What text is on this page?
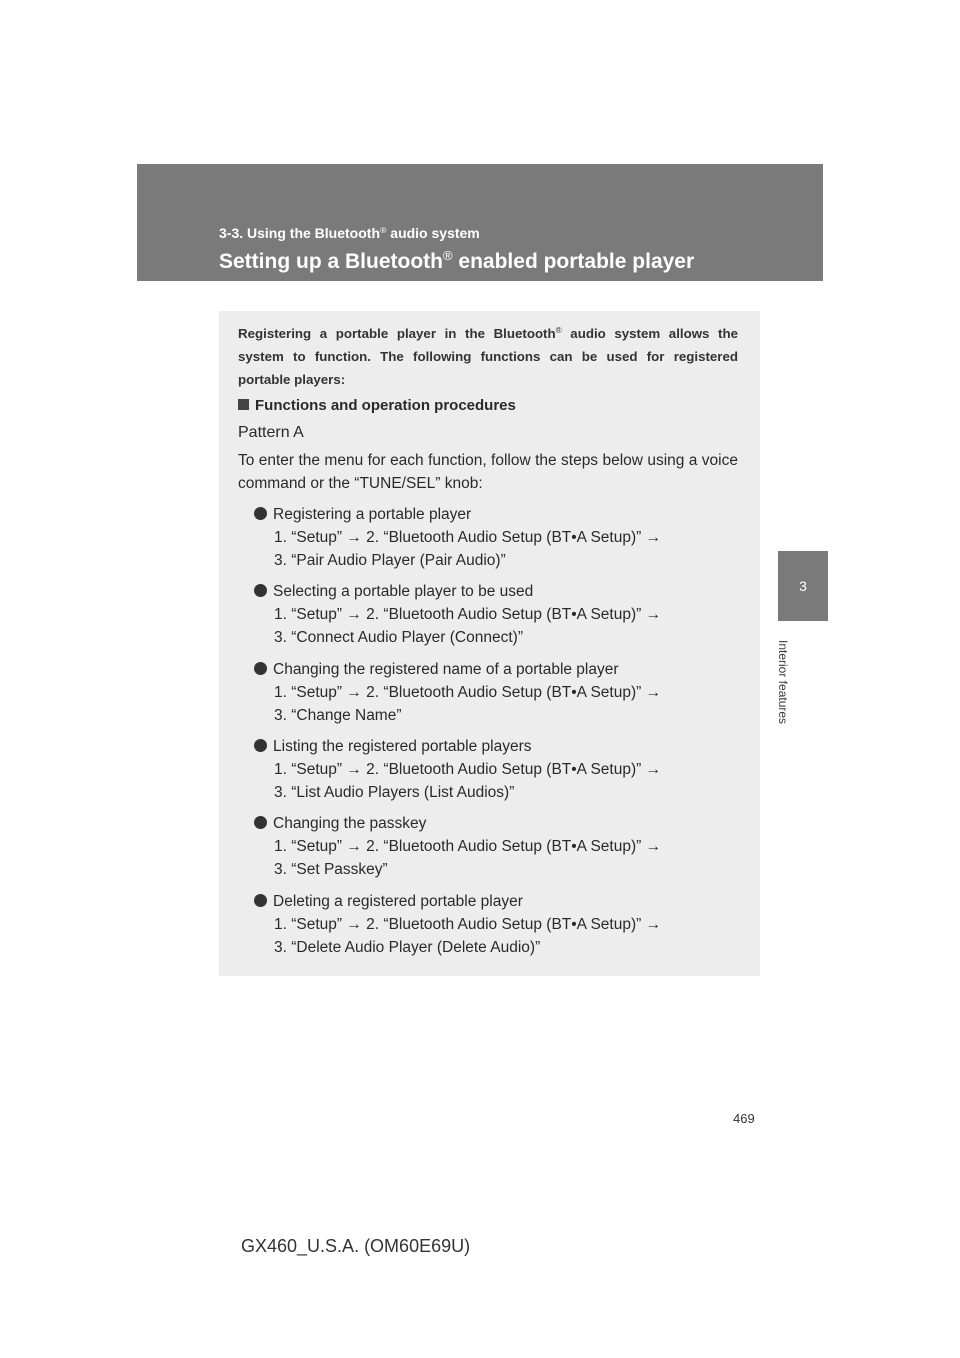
3-3. Using the Bluetooth® audio system
Setting up a Bluetooth® enabled portable player
3
Interior features
Registering a portable player in the Bluetooth® audio system allows the system to function. The following functions can be used for registered portable players:
Functions and operation procedures
Pattern A
To enter the menu for each function, follow the steps below using a voice command or the “TUNE/SEL” knob:
Registering a portable player
1. “Setup” → 2. “Bluetooth Audio Setup (BT•A Setup)” →
3. “Pair Audio Player (Pair Audio)”
Selecting a portable player to be used
1. “Setup” → 2. “Bluetooth Audio Setup (BT•A Setup)” →
3. “Connect Audio Player (Connect)”
Changing the registered name of a portable player
1. “Setup” → 2. “Bluetooth Audio Setup (BT•A Setup)” →
3. “Change Name”
Listing the registered portable players
1. “Setup” → 2. “Bluetooth Audio Setup (BT•A Setup)” →
3. “List Audio Players (List Audios)”
Changing the passkey
1. “Setup” → 2. “Bluetooth Audio Setup (BT•A Setup)” →
3. “Set Passkey”
Deleting a registered portable player
1. “Setup” → 2. “Bluetooth Audio Setup (BT•A Setup)” →
3. “Delete Audio Player (Delete Audio)”
469
GX460_U.S.A. (OM60E69U)
